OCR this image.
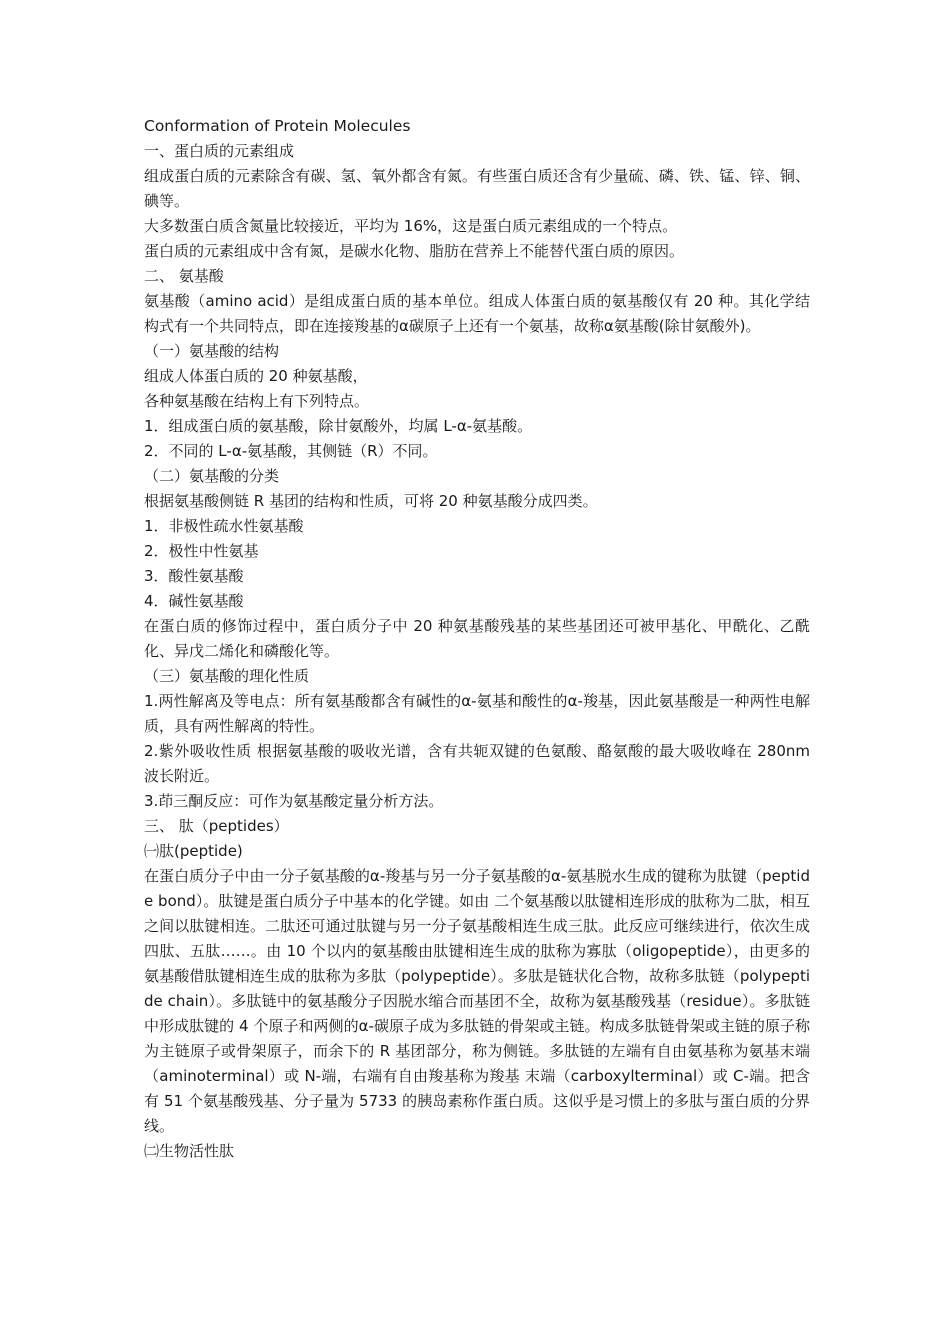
Conformation of Protein Molecules

一、蛋白质的元素组成

组成蛋白质的元素除含有碳、氢、氧外都含有氮。有些蛋白质还含有少量硫、磷、铁、锰、锌、铜、碘等。

大多数蛋白质含氮量比较接近，平均为 16%，这是蛋白质元素组成的一个特点。

蛋白质的元素组成中含有氮，是碳水化物、脂肪在营养上不能替代蛋白质的原因。

二、 氨基酸

氨基酸（amino acid）是组成蛋白质的基本单位。组成人体蛋白质的氨基酸仅有 20 种。其化学结构式有一个共同特点，即在连接羧基的α碳原子上还有一个氨基，故称α氨基酸(除甘氨酸外)。

（一）氨基酸的结构

组成人体蛋白质的 20 种氨基酸，

各种氨基酸在结构上有下列特点。

1．组成蛋白质的氨基酸，除甘氨酸外，均属 L-α-氨基酸。

2．不同的 L-α-氨基酸，其侧链（R）不同。

（二）氨基酸的分类

根据氨基酸侧链 R 基团的结构和性质，可将 20 种氨基酸分成四类。

1．非极性疏水性氨基酸

2．极性中性氨基

3．酸性氨基酸

4．碱性氨基酸

在蛋白质的修饰过程中，蛋白质分子中 20 种氨基酸残基的某些基团还可被甲基化、甲酰化、乙酰化、异戊二烯化和磷酸化等。

（三）氨基酸的理化性质

1.两性解离及等电点：所有氨基酸都含有碱性的α-氨基和酸性的α-羧基，因此氨基酸是一种两性电解质，具有两性解离的特性。

2.紫外吸收性质 根据氨基酸的吸收光谱，含有共轭双键的色氨酸、酪氨酸的最大吸收峰在 280nm 波长附近。

3.茚三酮反应：可作为氨基酸定量分析方法。

三、 肽（peptides）

㈠肽(peptide)

在蛋白质分子中由一分子氨基酸的α-羧基与另一分子氨基酸的α-氨基脱水生成的键称为肽键（peptide bond）。肽键是蛋白质分子中基本的化学键。如由 二个氨基酸以肽键相连形成的肽称为二肽，相互之间以肽键相连。二肽还可通过肽键与另一分子氨基酸相连生成三肽。此反应可继续进行，依次生成四肽、五肽……。由 10 个以内的氨基酸由肽键相连生成的肽称为寡肽（oligopeptide），由更多的氨基酸借肽键相连生成的肽称为多肽（polypeptide）。多肽是链状化合物，故称多肽链（polypeptide chain）。多肽链中的氨基酸分子因脱水缩合而基团不全，故称为氨基酸残基（residue）。多肽链中形成肽键的 4 个原子和两侧的α-碳原子成为多肽链的骨架或主链。构成多肽链骨架或主链的原子称为主链原子或骨架原子，而余下的 R 基团部分，称为侧链。多肽链的左端有自由氨基称为氨基末端（aminoterminal）或 N-端，右端有自由羧基称为羧基 末端（carboxylterminal）或 C-端。把含有 51 个氨基酸残基、分子量为 5733 的胰岛素称作蛋白质。这似乎是习惯上的多肽与蛋白质的分界线。

㈡生物活性肽
